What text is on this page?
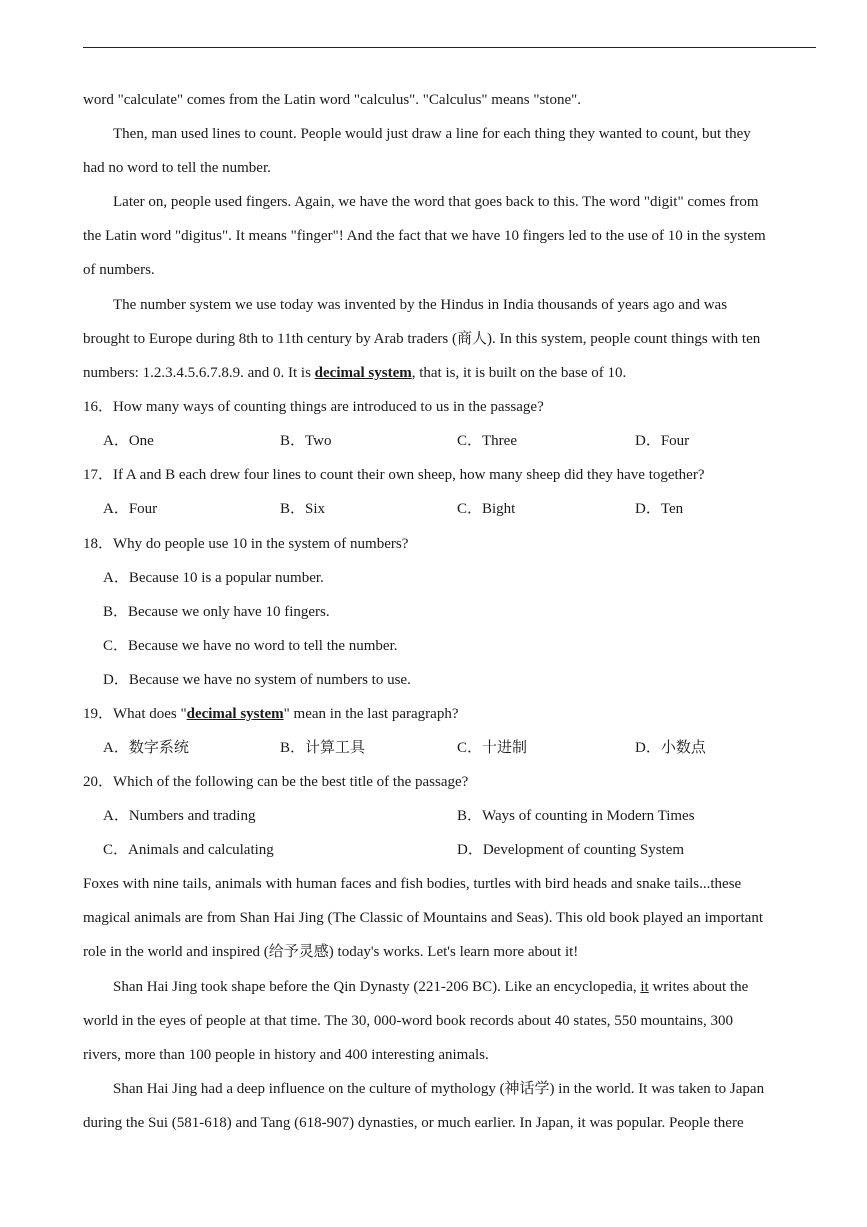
word "calculate" comes from the Latin word "calculus". "Calculus" means "stone".
Then, man used lines to count. People would just draw a line for each thing they wanted to count, but they
had no word to tell the number.
Later on, people used fingers. Again, we have the word that goes back to this. The word "digit" comes from
the Latin word "digitus". It means "finger"! And the fact that we have 10 fingers led to the use of 10 in the system
of numbers.
The number system we use today was invented by the Hindus in India thousands of years ago and was
brought to Europe during 8th to 11th century by Arab traders (商人). In this system, people count things with ten
numbers: 1.2.3.4.5.6.7.8.9. and 0. It is decimal system, that is, it is built on the base of 10.
16．How many ways of counting things are introduced to us in the passage?
A．One	B．Two	C．Three	D．Four
17．If A and B each drew four lines to count their own sheep, how many sheep did they have together?
A．Four	B．Six	C．Bight	D．Ten
18．Why do people use 10 in the system of numbers?
A．Because 10 is a popular number.
B．Because we only have 10 fingers.
C．Because we have no word to tell the number.
D．Because we have no system of numbers to use.
19．What does "decimal system" mean in the last paragraph?
A．数字系统	B．计算工具	C．十进制	D．小数点
20．Which of the following can be the best title of the passage?
A．Numbers and trading	B．Ways of counting in Modern Times
C．Animals and calculating	D．Development of counting System
Foxes with nine tails, animals with human faces and fish bodies, turtles with bird heads and snake tails...these
magical animals are from Shan Hai Jing (The Classic of Mountains and Seas). This old book played an important
role in the world and inspired (给予灵感) today's works. Let's learn more about it!
Shan Hai Jing took shape before the Qin Dynasty (221-206 BC). Like an encyclopedia, it writes about the
world in the eyes of people at that time. The 30, 000-word book records about 40 states, 550 mountains, 300
rivers, more than 100 people in history and 400 interesting animals.
Shan Hai Jing had a deep influence on the culture of mythology (神话学) in the world. It was taken to Japan
during the Sui (581-618) and Tang (618-907) dynasties, or much earlier. In Japan, it was popular. People there
